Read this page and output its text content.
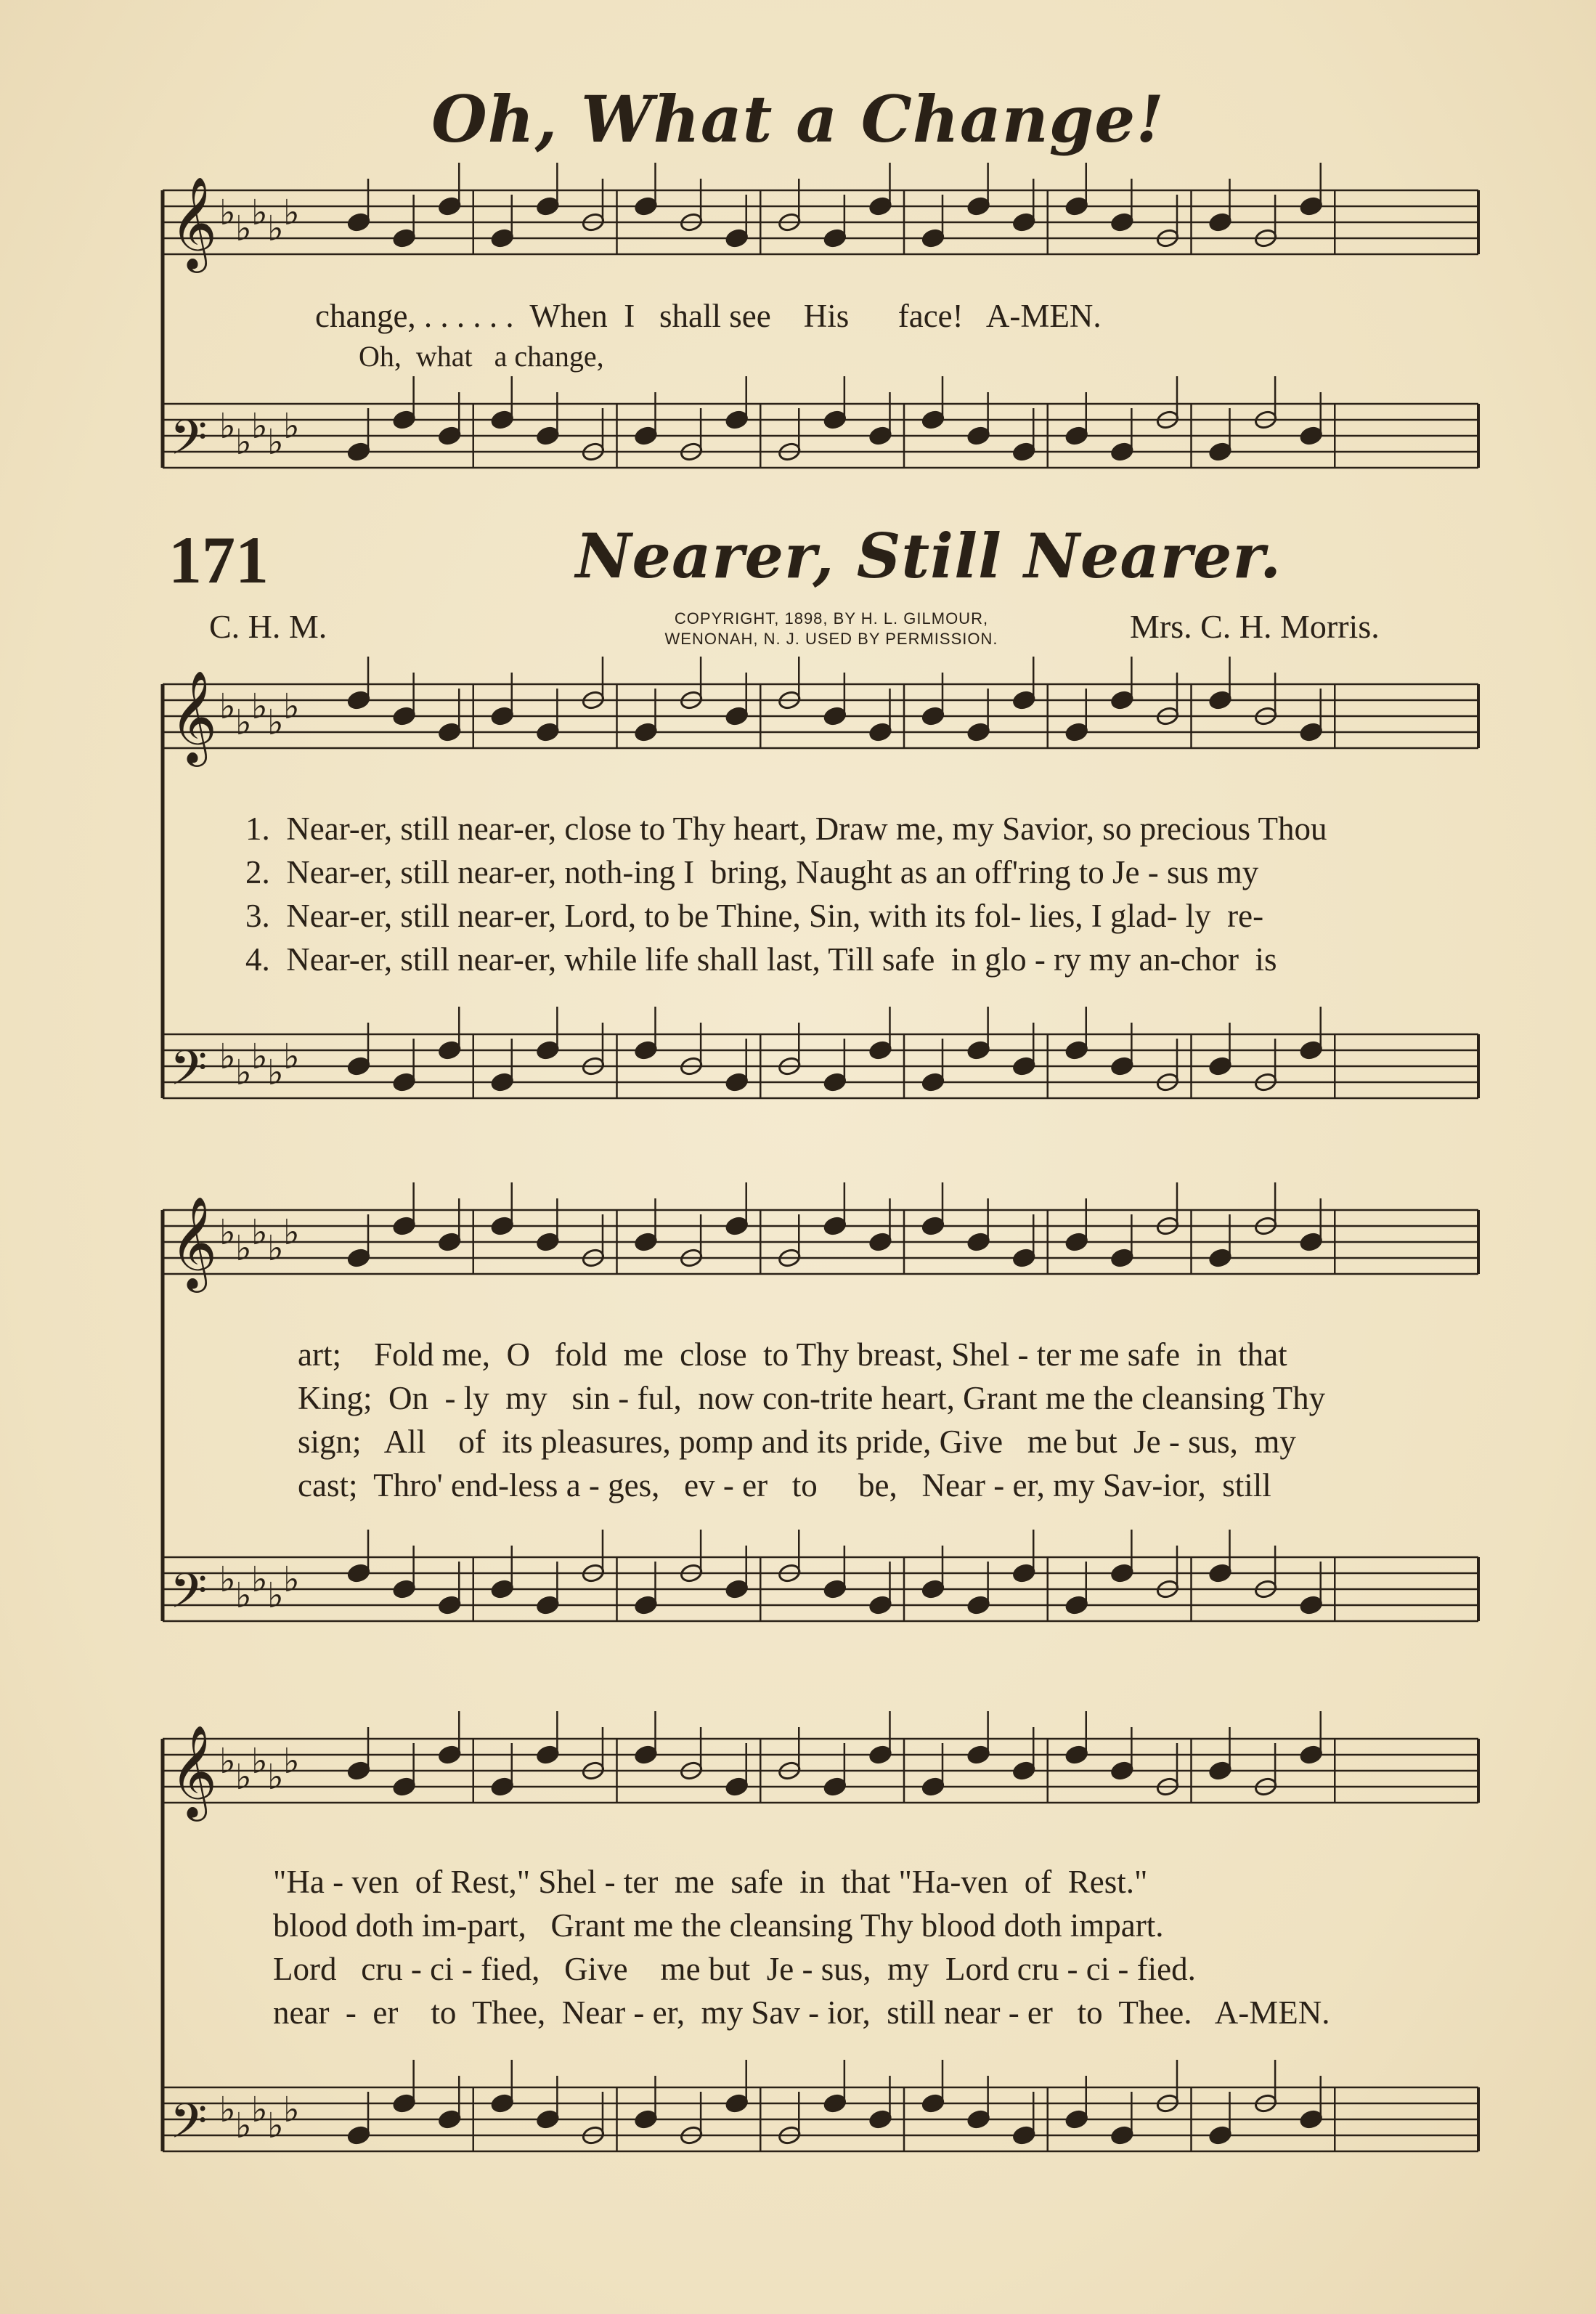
Oh, What a Change!
𝄞 ♭ ♭ ♭ ♭ ♭
𝄢 ♭ ♭ ♭ ♭ ♭
𝄞 ♭ ♭ ♭ ♭ ♭
𝄢 ♭ ♭ ♭ ♭ ♭
𝄞 ♭ ♭ ♭ ♭ ♭
𝄢 ♭ ♭ ♭ ♭ ♭
𝄞 ♭ ♭ ♭ ♭ ♭
𝄢 ♭ ♭ ♭ ♭ ♭
change, . . . . . .  When  I   shall see    His      face!   A-MEN.
Oh,  what   a change,
171	Nearer, Still Nearer.
C. H. M.	COPYRIGHT, 1898, BY H. L. GILMOUR,
WENONAH, N. J. USED BY PERMISSION.	Mrs. C. H. Morris.
1.  Near-er, still near-er, close to Thy heart, Draw me, my Savior, so precious Thou
2.  Near-er, still near-er, noth-ing I  bring, Naught as an off'ring to Je - sus my
3.  Near-er, still near-er, Lord, to be Thine, Sin, with its fol- lies, I glad- ly  re-
4.  Near-er, still near-er, while life shall last, Till safe  in glo - ry my an-chor  is
art;    Fold me,  O   fold  me  close  to Thy breast, Shel - ter me safe  in  that
King;  On  - ly  my   sin - ful,  now con-trite heart, Grant me the cleansing Thy
sign;   All    of  its pleasures, pomp and its pride, Give   me but  Je - sus,  my
cast;  Thro' end-less a - ges,   ev - er   to     be,   Near - er, my Sav-ior,  still
"Ha - ven  of Rest," Shel - ter  me  safe  in  that "Ha-ven  of  Rest."
blood doth im-part,   Grant me the cleansing Thy blood doth impart.
Lord   cru - ci - fied,   Give    me but  Je - sus,  my  Lord cru - ci - fied.
near  -  er    to  Thee,  Near - er,  my Sav - ior,  still near - er   to  Thee.   A-MEN.
